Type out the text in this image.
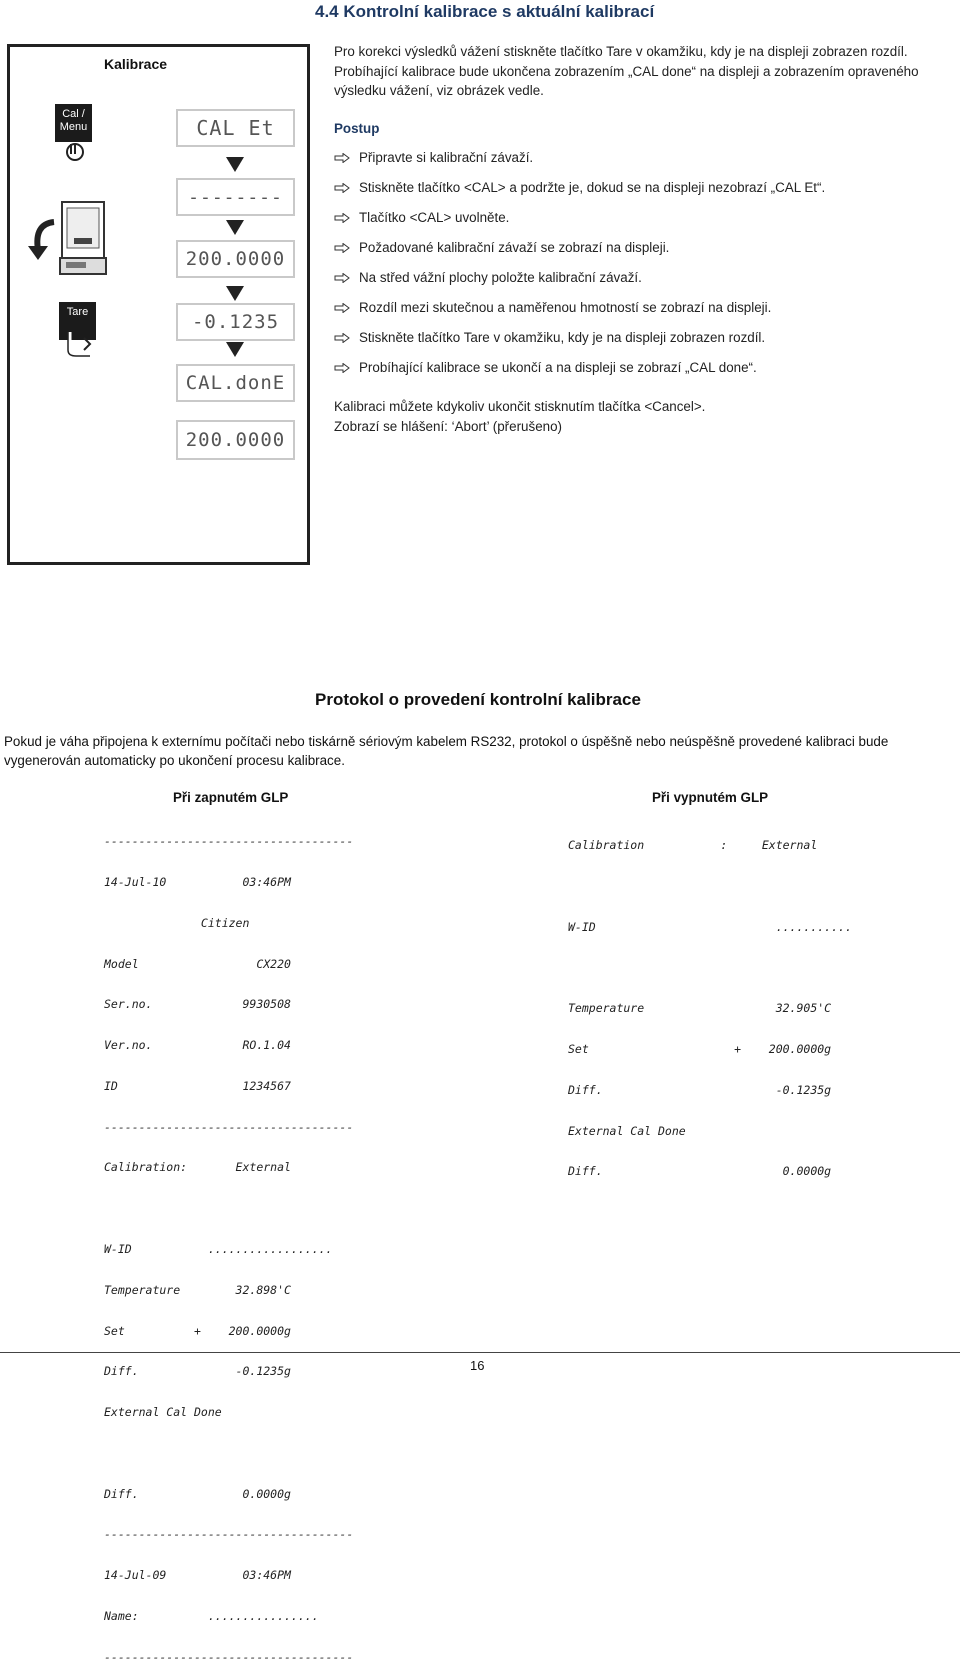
4.4 Kontrolní kalibrace s aktuální kalibrací
Kalibrace
Cal / Menu
Tare
CAL Et
--------
200.0000
-0.1235
CAL.donE
200.0000
Pro korekci výsledků vážení stiskněte tlačítko Tare v okamžiku, kdy je na displeji zobrazen rozdíl. Probíhající kalibrace bude ukončena zobrazením „CAL done“ na displeji a zobrazením opraveného výsledku vážení, viz obrázek vedle.
Postup
Připravte si kalibrační závaží.
Stiskněte tlačítko <CAL> a podržte je, dokud se na displeji nezobrazí „CAL Et“.
Tlačítko <CAL> uvolněte.
Požadované kalibrační závaží se zobrazí na displeji.
Na střed vážní plochy položte kalibrační závaží.
Rozdíl mezi skutečnou a naměřenou hmotností se zobrazí na displeji.
Stiskněte tlačítko Tare v okamžiku, kdy je na displeji zobrazen rozdíl.
Probíhající kalibrace se ukončí a na displeji se zobrazí „CAL done“.
Kalibraci můžete kdykoliv ukončit stisknutím tlačítka <Cancel>.
Zobrazí se hlášení: ‘Abort’ (přerušeno)
Protokol o provedení kontrolní kalibrace
Pokud je váha připojena k externímu počítači nebo tiskárně sériovým kabelem RS232, protokol o úspěšně nebo neúspěšně provedené kalibraci bude vygenerován automaticky po ukončení procesu kalibrace.
Při zapnutém GLP

------------------------------------

14-Jul-10           03:46PM

Citizen

Model                 CX220

Ser.no.             9930508

Ver.no.             RO.1.04

ID                  1234567

------------------------------------

Calibration:       External

W-ID           ..................

Temperature        32.898'C

Set          +    200.0000g

Diff.              -0.1235g

External Cal Done

Diff.               0.0000g

------------------------------------

14-Jul-09           03:46PM

Name:          ................

------------------------------------

Při vypnutém GLP

Calibration           :     External

W-ID                          ...........

Temperature                   32.905'C

Set                     +    200.0000g

Diff.                         -0.1235g

External Cal Done

Diff.                          0.0000g

16
